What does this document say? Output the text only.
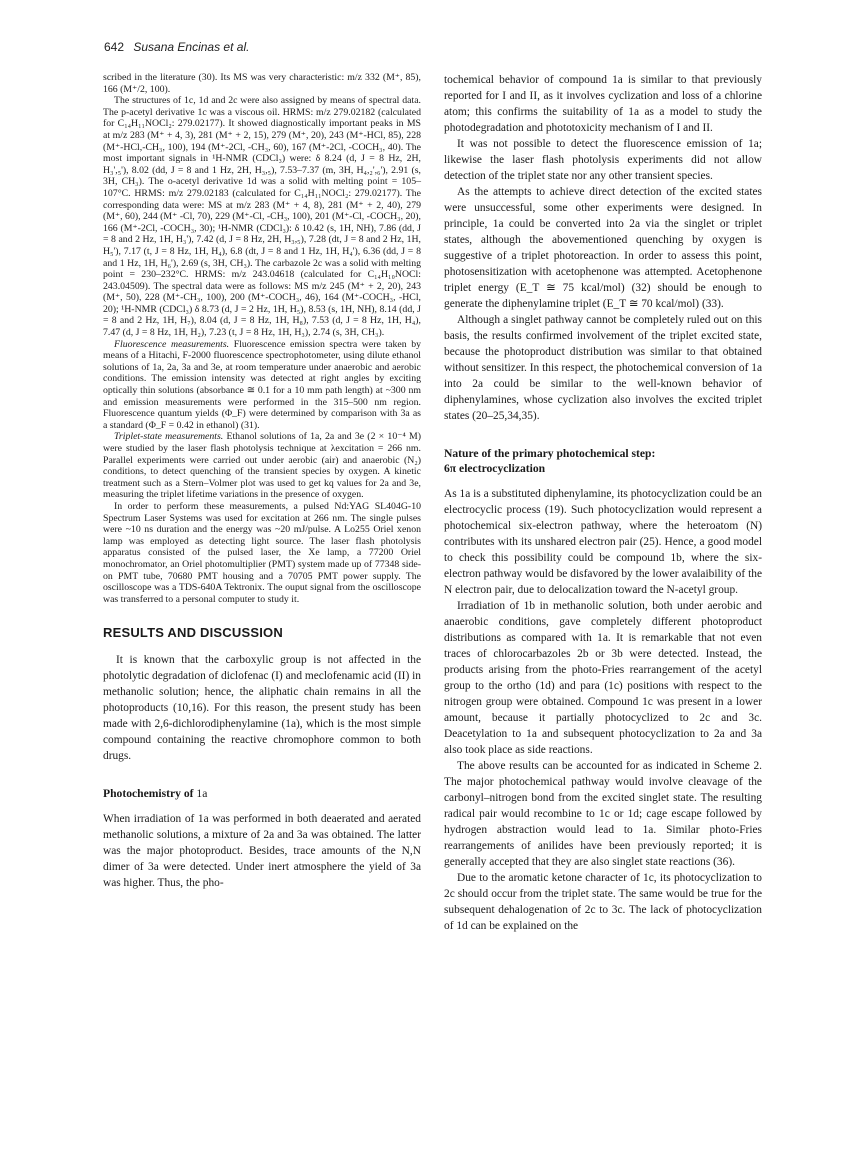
642 Susana Encinas et al.

scribed in the literature (30). Its MS was very characteristic: m/z 332 (M⁺, 85), 166 (M⁺/2, 100).

The structures of 1c, 1d and 2c were also assigned by means of spectral data. The p-acetyl derivative 1c was a viscous oil. HRMS: m/z 279.02182 (calculated for C₁₄H₁₁NOCl₂: 279.02177). It showed diagnostically important peaks in MS at m/z 283 (M⁺ + 4, 3), 281 (M⁺ + 2, 15), 279 (M⁺, 20), 243 (M⁺-HCl, 85), 228 (M⁺-HCl,-CH₃, 100), 194 (M⁺-2Cl, -CH₃, 60), 167 (M⁺-2Cl, -COCH₃, 40). The most important signals in ¹H-NMR (CDCl₃) were: δ 8.24 (d, J = 8 Hz, 2H, H₃',₅'), 8.02 (dd, J = 8 and 1 Hz, 2H, H₃,₅), 7.53–7.37 (m, 3H, H₄,₂',₆'), 2.91 (s, 3H, CH₃). The o-acetyl derivative 1d was a solid with melting point = 105–107°C. HRMS: m/z 279.02183 (calculated for C₁₄H₁₁NOCl₂: 279.02177). The corresponding data were: MS at m/z 283 (M⁺ + 4, 8), 281 (M⁺ + 2, 40), 279 (M⁺, 60), 244 (M⁺ -Cl, 70), 229 (M⁺-Cl, -CH₃, 100), 201 (M⁺-Cl, -COCH₃, 20), 166 (M⁺-2Cl, -COCH₃, 30); ¹H-NMR (CDCl₃): δ 10.42 (s, 1H, NH), 7.86 (dd, J = 8 and 2 Hz, 1H, H₃'), 7.42 (d, J = 8 Hz, 2H, H₃,₅), 7.28 (dt, J = 8 and 2 Hz, 1H, H₅'), 7.17 (t, J = 8 Hz, 1H, H₄), 6.8 (dt, J = 8 and 1 Hz, 1H, H₄'), 6.36 (dd, J = 8 and 1 Hz, 1H, H₆'), 2.69 (s, 3H, CH₃). The carbazole 2c was a solid with melting point = 230–232°C. HRMS: m/z 243.04618 (calculated for C₁₄H₁₀NOCl: 243.04509). The spectral data were as follows: MS m/z 245 (M⁺ + 2, 20), 243 (M⁺, 50), 228 (M⁺-CH₃, 100), 200 (M⁺-COCH₃, 46), 164 (M⁺-COCH₃, -HCl, 20); ¹H-NMR (CDCl₃) δ 8.73 (d, J = 2 Hz, 1H, H₅), 8.53 (s, 1H, NH), 8.14 (dd, J = 8 and 2 Hz, 1H, H₇), 8.04 (d, J = 8 Hz, 1H, H₈), 7.53 (d, J = 8 Hz, 1H, H₄), 7.47 (d, J = 8 Hz, 1H, H₂), 7.23 (t, J = 8 Hz, 1H, H₃), 2.74 (s, 3H, CH₃).

Fluorescence measurements. Fluorescence emission spectra were taken by means of a Hitachi, F-2000 fluorescence spectrophotometer, using dilute ethanol solutions of 1a, 2a, 3a and 3e, at room temperature under anaerobic and aerobic conditions. The emission intensity was detected at right angles by exciting optically thin solutions (absorbance ≅ 0.1 for a 10 mm path length) at ~300 nm and emission measurements were performed in the 315–500 nm region. Fluorescence quantum yields (Φ_F) were determined by comparison with 3a as a standard (Φ_F = 0.42 in ethanol) (31).

Triplet-state measurements. Ethanol solutions of 1a, 2a and 3e (2 × 10⁻⁴ M) were studied by the laser flash photolysis technique at λexcitation = 266 nm. Parallel experiments were carried out under aerobic (air) and anaerobic (N₂) conditions, to detect quenching of the transient species by oxygen. A kinetic treatment such as a Stern–Volmer plot was used to get kq values for 2a and 3e, measuring the triplet lifetime variations in the presence of oxygen.

In order to perform these measurements, a pulsed Nd:YAG SL404G-10 Spectrum Laser Systems was used for excitation at 266 nm. The single pulses were ~10 ns duration and the energy was ~20 mJ/pulse. A Lo255 Oriel xenon lamp was employed as detecting light source. The laser flash photolysis apparatus consisted of the pulsed laser, the Xe lamp, a 77200 Oriel monochromator, an Oriel photomultiplier (PMT) system made up of 77348 side-on PMT tube, 70680 PMT housing and a 70705 PMT power supply. The oscilloscope was a TDS-640A Tektronix. The ouput signal from the oscilloscope was transferred to a personal computer to study it.

RESULTS AND DISCUSSION

It is known that the carboxylic group is not affected in the photolytic degradation of diclofenac (I) and meclofenamic acid (II) in methanolic solution; hence, the aliphatic chain remains in all the photoproducts (10,16). For this reason, the present study has been made with 2,6-dichlorodiphenylamine (1a), which is the most simple compound containing the reactive chromophore common to both drugs.

Photochemistry of 1a

When irradiation of 1a was performed in both deaerated and aerated methanolic solutions, a mixture of 2a and 3a was obtained. The latter was the major photoproduct. Besides, trace amounts of the N,N dimer of 3a were detected. Under inert atmosphere the yield of 3a was higher. Thus, the pho-

tochemical behavior of compound 1a is similar to that previously reported for I and II, as it involves cyclization and loss of a chlorine atom; this confirms the suitability of 1a as a model to study the photodegradation and phototoxicity mechanism of I and II.

It was not possible to detect the fluorescence emission of 1a; likewise the laser flash photolysis experiments did not allow detection of the triplet state nor any other transient species.

As the attempts to achieve direct detection of the excited states were unsuccessful, some other experiments were designed. In principle, 1a could be converted into 2a via the singlet or triplet states, although the abovementioned quenching by oxygen is suggestive of a triplet photoreaction. In order to assess this point, photosensitization with acetophenone was attempted. Acetophenone triplet energy (E_T ≅ 75 kcal/mol) (32) should be enough to generate the diphenylamine triplet (E_T ≅ 70 kcal/mol) (33).

Although a singlet pathway cannot be completely ruled out on this basis, the results confirmed involvement of the triplet excited state, because the photoproduct distribution was similar to that obtained without sensitizer. In this respect, the photochemical conversion of 1a into 2a could be similar to the well-known behavior of diphenylamines, whose cyclization also involves the excited triplet states (20–25,34,35).

Nature of the primary photochemical step:
6π electrocyclization

As 1a is a substituted diphenylamine, its photocyclization could be an electrocyclic process (19). Such photocyclization would represent a photochemical six-electron pathway, where the heteroatom (N) contributes with its unshared electron pair (25). Hence, a good model to check this possibility could be compound 1b, where the six-electron pathway would be disfavored by the lower avalaibility of the N electron pair, due to delocalization toward the N-acetyl group.

Irradiation of 1b in methanolic solution, both under aerobic and anaerobic conditions, gave completely different photoproduct distributions as compared with 1a. It is remarkable that not even traces of chlorocarbazoles 2b or 3b were detected. Instead, the products arising from the photo-Fries rearrangement of the acetyl group to the ortho (1d) and para (1c) positions with respect to the nitrogen group were obtained. Compound 1c was present in a lower amount, because it partially photocyclized to 2c and 3c. Deacetylation to 1a and subsequent photocyclization to 2a and 3a also took place as side reactions.

The above results can be accounted for as indicated in Scheme 2. The major photochemical pathway would involve cleavage of the carbonyl–nitrogen bond from the excited singlet state. The resulting radical pair would recombine to 1c or 1d; cage escape followed by hydrogen abstraction would lead to 1a. Similar photo-Fries rearrangements of anilides have been previously reported; it is generally accepted that they are also singlet state reactions (36).

Due to the aromatic ketone character of 1c, its photocyclization to 2c should occur from the triplet state. The same would be true for the subsequent dehalogenation of 2c to 3c. The lack of photocyclization of 1d can be explained on the
